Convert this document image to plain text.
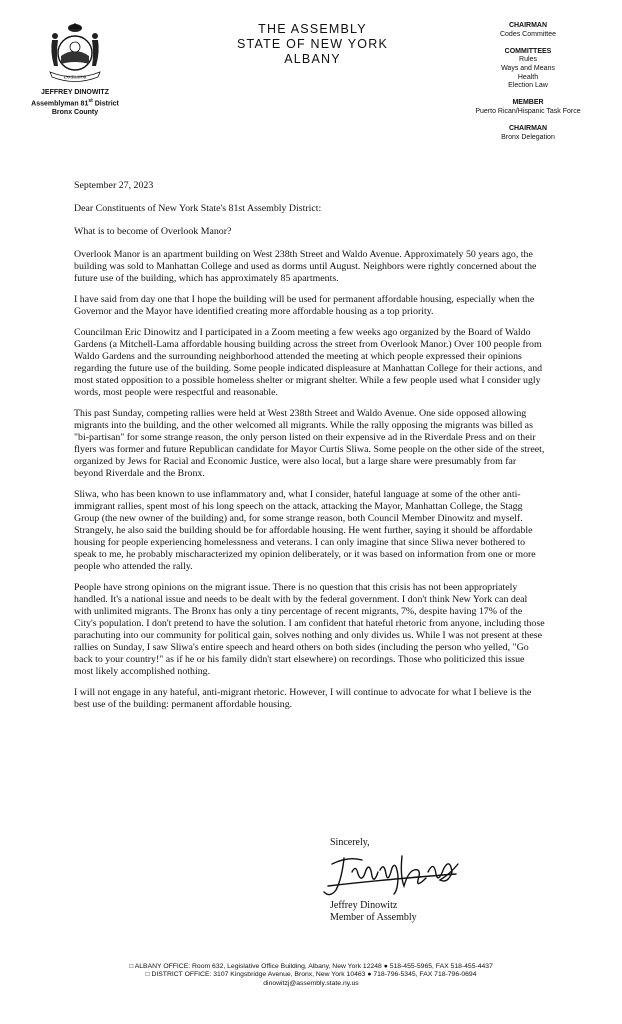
EXCELSIOR
JEFFREY DINOWITZ
Assemblyman 81st District
Bronx County
THE ASSEMBLY
STATE OF NEW YORK
ALBANY
CHAIRMAN
Codes Committee
COMMITTEES
Rules
Ways and Means
Health
Election Law
MEMBER
Puerto Rican/Hispanic Task Force
CHAIRMAN
Bronx Delegation

September 27, 2023

Dear Constituents of New York State's 81st Assembly District:

What is to become of Overlook Manor?

Overlook Manor is an apartment building on West 238th Street and Waldo Avenue. Approximately 50 years ago, the building was sold to Manhattan College and used as dorms until August. Neighbors were rightly concerned about the future use of the building, which has approximately 85 apartments.

I have said from day one that I hope the building will be used for permanent affordable housing, especially when the Governor and the Mayor have identified creating more affordable housing as a top priority.

Councilman Eric Dinowitz and I participated in a Zoom meeting a few weeks ago organized by the Board of Waldo Gardens (a Mitchell-Lama affordable housing building across the street from Overlook Manor.) Over 100 people from Waldo Gardens and the surrounding neighborhood attended the meeting at which people expressed their opinions regarding the future use of the building. Some people indicated displeasure at Manhattan College for their actions, and most stated opposition to a possible homeless shelter or migrant shelter. While a few people used what I consider ugly words, most people were respectful and reasonable.

This past Sunday, competing rallies were held at West 238th Street and Waldo Avenue. One side opposed allowing migrants into the building, and the other welcomed all migrants. While the rally opposing the migrants was billed as "bi-partisan" for some strange reason, the only person listed on their expensive ad in the Riverdale Press and on their flyers was former and future Republican candidate for Mayor Curtis Sliwa. Some people on the other side of the street, organized by Jews for Racial and Economic Justice, were also local, but a large share were presumably from far beyond Riverdale and the Bronx.

Sliwa, who has been known to use inflammatory and, what I consider, hateful language at some of the other anti-immigrant rallies, spent most of his long speech on the attack, attacking the Mayor, Manhattan College, the Stagg Group (the new owner of the building) and, for some strange reason, both Council Member Dinowitz and myself. Strangely, he also said the building should be for affordable housing. He went further, saying it should be affordable housing for people experiencing homelessness and veterans. I can only imagine that since Sliwa never bothered to speak to me, he probably mischaracterized my opinion deliberately, or it was based on information from one or more people who attended the rally.

People have strong opinions on the migrant issue. There is no question that this crisis has not been appropriately handled. It's a national issue and needs to be dealt with by the federal government. I don't think New York can deal with unlimited migrants. The Bronx has only a tiny percentage of recent migrants, 7%, despite having 17% of the City's population. I don't pretend to have the solution. I am confident that hateful rhetoric from anyone, including those parachuting into our community for political gain, solves nothing and only divides us. While I was not present at these rallies on Sunday, I saw Sliwa's entire speech and heard others on both sides (including the person who yelled, "Go back to your country!" as if he or his family didn't start elsewhere) on recordings. Those who politicized this issue most likely accomplished nothing.

I will not engage in any hateful, anti-migrant rhetoric. However, I will continue to advocate for what I believe is the best use of the building: permanent affordable housing.

Sincerely,
Jeffrey Dinowitz
Member of Assembly
□ ALBANY OFFICE: Room 632, Legislative Office Building, Albany, New York 12248 ● 518-455-5965, FAX 518-455-4437
□ DISTRICT OFFICE: 3107 Kingsbridge Avenue, Bronx, New York 10463 ● 718-796-5345, FAX 718-796-0694
dinowitzj@assembly.state.ny.us
